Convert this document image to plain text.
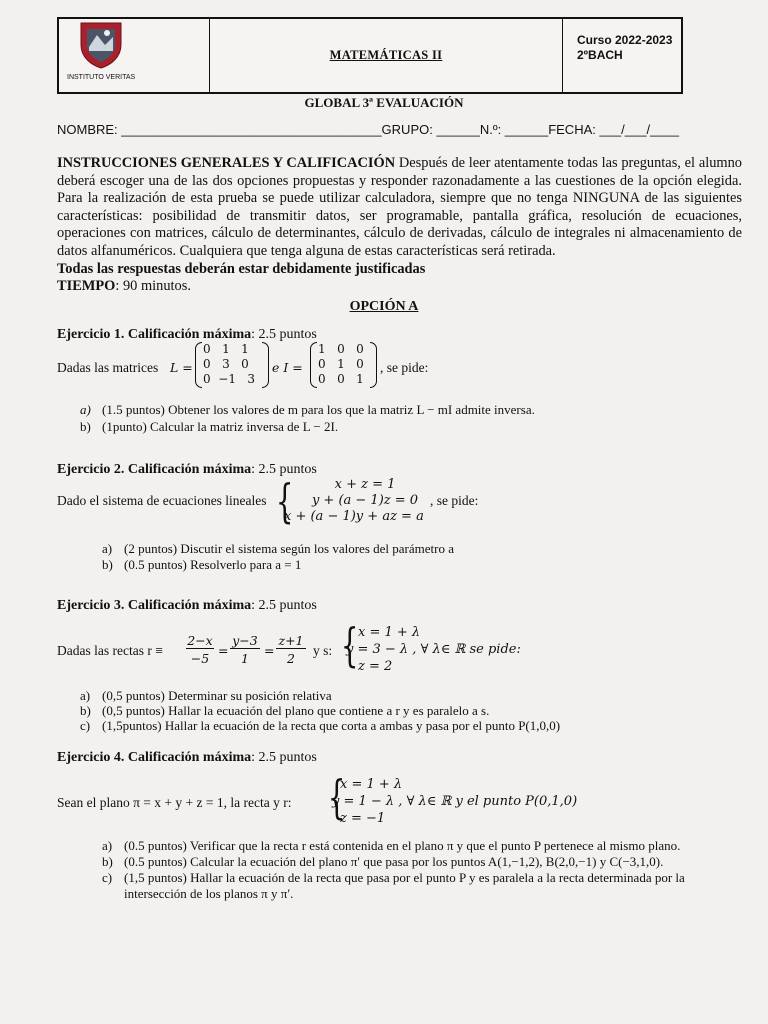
INSTITUTO VERITAS
MATEMÁTICAS II
Curso 2022-2023
2ºBACH
GLOBAL 3ª EVALUACIÓN
NOMBRE: ____________________________________GRUPO: ______N.º: ______FECHA: ___/___/____
INSTRUCCIONES GENERALES Y CALIFICACIÓN Después de leer atentamente todas las preguntas, el alumno deberá escoger una de las dos opciones propuestas y responder razonadamente a las cuestiones de la opción elegida. Para la realización de esta prueba se puede utilizar calculadora, siempre que no tenga NINGUNA de las siguientes características: posibilidad de transmitir datos, ser programable, pantalla gráfica, resolución de ecuaciones, operaciones con matrices, cálculo de determinantes, cálculo de derivadas, cálculo de integrales ni almacenamiento de datos alfanuméricos. Cualquiera que tenga alguna de estas características será retirada.
Todas las respuestas deberán estar debidamente justificadas
TIEMPO: 90 minutos.
OPCIÓN A
Ejercicio 1. Calificación máxima: 2.5 puntos
Dadas las matrices L =
0   1   1
0   3   0
0  −1   3
e I =
1   0   0
0   1   0
0   0   1
, se pide:
a) (1.5 puntos) Obtener los valores de m para los que la matriz L − mI admite inversa.
b) (1punto) Calcular la matriz inversa de L − 2I.
Ejercicio 2. Calificación máxima: 2.5 puntos
Dado el sistema de ecuaciones lineales {	x + z = 1
y + (a − 1)z = 0
x + (a − 1)y + az = a
, se pide:
a) (2 puntos) Discutir el sistema según los valores del parámetro a
b) (0.5 puntos) Resolverlo para a = 1
Ejercicio 3. Calificación máxima: 2.5 puntos
Dadas las rectas r ≡
2−x
−5
=
y−3
1
=
z+1
2
y s: { x = 1 + λ
y = 3 − λ , ∀ λ∈ ℝ se pide:
z = 2
a) (0,5 puntos) Determinar su posición relativa
b) (0,5 puntos) Hallar la ecuación del plano que contiene a r y es paralelo a s.
c) (1,5puntos) Hallar la ecuación de la recta que corta a ambas y pasa por el punto P(1,0,0)
Ejercicio 4. Calificación máxima: 2.5 puntos
Sean el plano π = x + y + z = 1, la recta y r: {
x = 1 + λ
y = 1 − λ , ∀ λ∈ ℝ y el punto P(0,1,0)
z = −1
a) (0.5 puntos) Verificar que la recta r está contenida en el plano π y que el punto P pertenece al mismo plano.
b) (0.5 puntos) Calcular la ecuación del plano π′ que pasa por los puntos A(1,−1,2), B(2,0,−1) y C(−3,1,0).
c) (1,5 puntos) Hallar la ecuación de la recta que pasa por el punto P y es paralela a la recta determinada por la
intersección de los planos π y π′.
